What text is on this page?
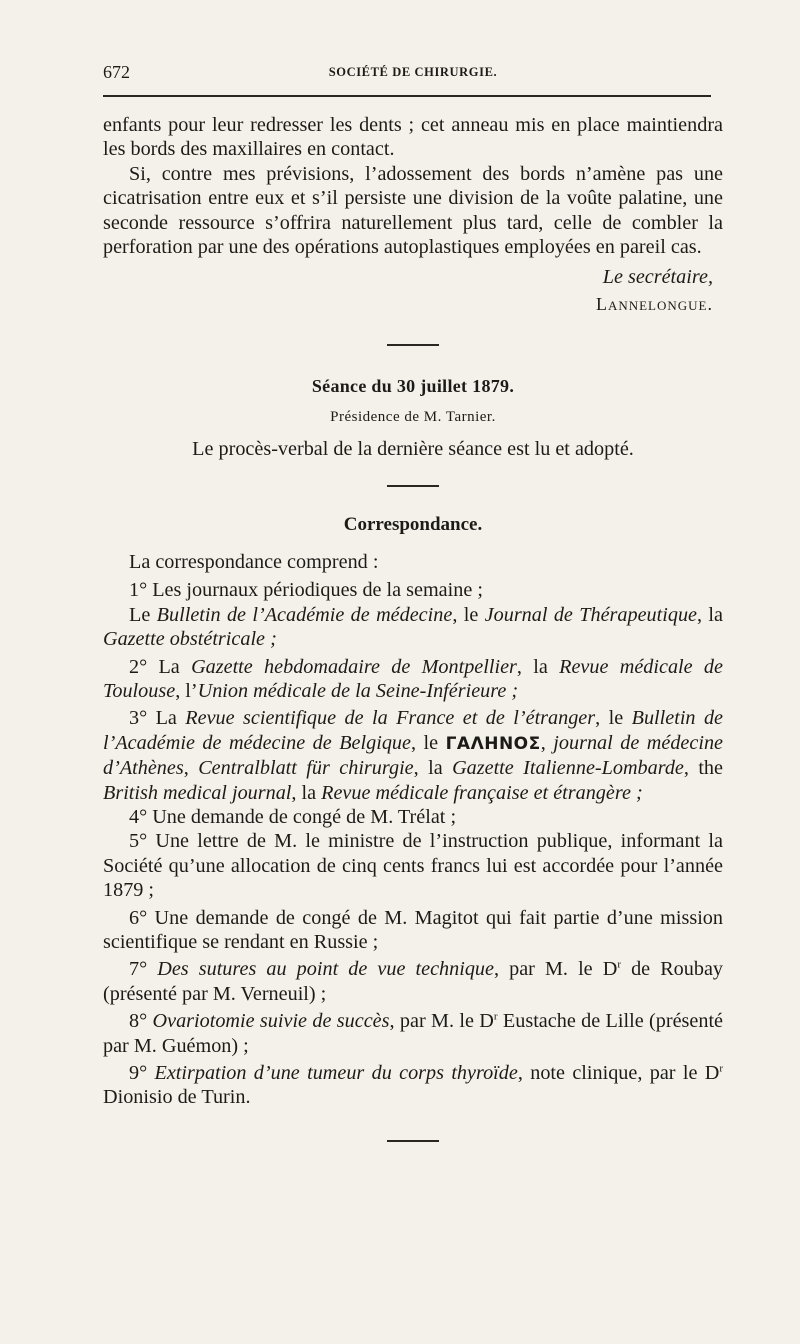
672	SOCIÉTÉ DE CHIRURGIE.

enfants pour leur redresser les dents ; cet anneau mis en place maintiendra les bords des maxillaires en contact.

Si, contre mes prévisions, l’adossement des bords n’amène pas une cicatrisation entre eux et s’il persiste une division de la voûte palatine, une seconde ressource s’offrira naturellement plus tard, celle de combler la perforation par une des opérations autoplastiques employées en pareil cas.

Le secrétaire,

Lannelongue.

Séance du 30 juillet 1879.

Présidence de M. Tarnier.

Le procès-verbal de la dernière séance est lu et adopté.

Correspondance.

La correspondance comprend :

1° Les journaux périodiques de la semaine ;

Le Bulletin de l’Académie de médecine, le Journal de Thérapeutique, la Gazette obstétricale ;

2° La Gazette hebdomadaire de Montpellier, la Revue médicale de Toulouse, l’Union médicale de la Seine-Inférieure ;

3° La Revue scientifique de la France et de l’étranger, le Bulletin de l’Académie de médecine de Belgique, le ΓΑΛΗΝΟΣ, journal de médecine d’Athènes, Centralblatt für chirurgie, la Gazette Italienne-Lombarde, the British medical journal, la Revue médicale française et étrangère ;

4° Une demande de congé de M. Trélat ;

5° Une lettre de M. le ministre de l’instruction publique, informant la Société qu’une allocation de cinq cents francs lui est accordée pour l’année 1879 ;

6° Une demande de congé de M. Magitot qui fait partie d’une mission scientifique se rendant en Russie ;

7° Des sutures au point de vue technique, par M. le $D^r$ de Roubay (présenté par M. Verneuil) ;

8° Ovariotomie suivie de succès, par M. le $D^r$ Eustache de Lille (présenté par M. Guémon) ;

9° Extirpation d’une tumeur du corps thyroïde, note clinique, par le $D^r$ Dionisio de Turin.
